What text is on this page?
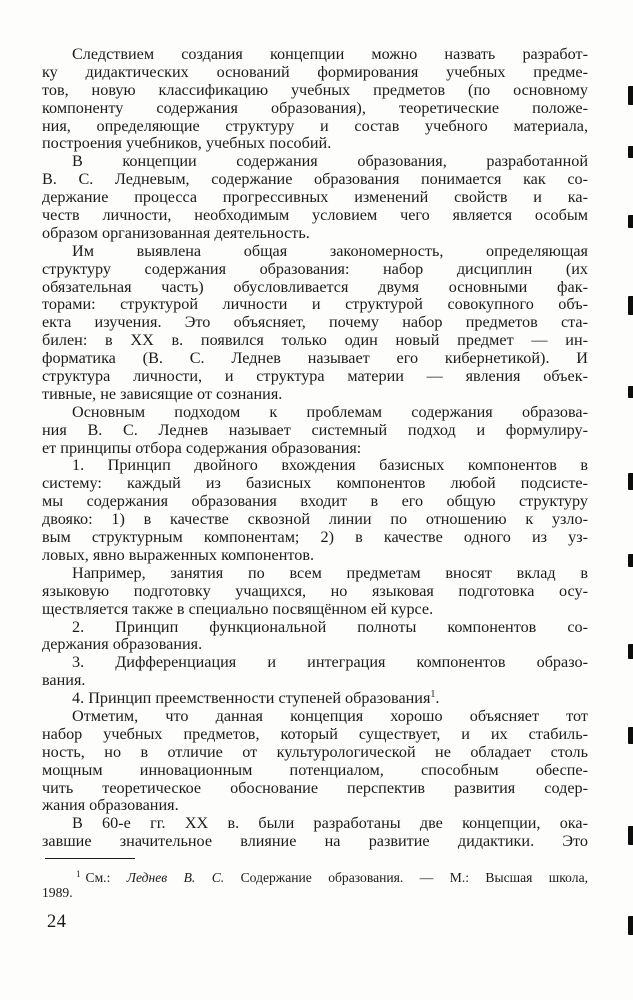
Следствием создания концепции можно назвать разработ-
ку дидактических оснований формирования учебных предме-
тов, новую классификацию учебных предметов (по основному
компоненту содержания образования), теоретические положе-
ния, определяющие структуру и состав учебного материала,
построения учебников, учебных пособий.
В концепции содержания образования, разработанной
В. С. Ледневым, содержание образования понимается как со-
держание процесса прогрессивных изменений свойств и ка-
честв личности, необходимым условием чего является особым
образом организованная деятельность.
Им выявлена общая закономерность, определяющая
структуру содержания образования: набор дисциплин (их
обязательная часть) обусловливается двумя основными фак-
торами: структурой личности и структурой совокупного объ-
екта изучения. Это объясняет, почему набор предметов ста-
билен: в XX в. появился только один новый предмет — ин-
форматика (В. С. Леднев называет его кибернетикой). И
структура личности, и структура материи — явления объек-
тивные, не зависящие от сознания.
Основным подходом к проблемам содержания образова-
ния В. С. Леднев называет системный подход и формулиру-
ет принципы отбора содержания образования:
1. Принцип двойного вхождения базисных компонентов в
систему: каждый из базисных компонентов любой подсисте-
мы содержания образования входит в его общую структуру
двояко: 1) в качестве сквозной линии по отношению к узло-
вым структурным компонентам; 2) в качестве одного из уз-
ловых, явно выраженных компонентов.
Например, занятия по всем предметам вносят вклад в
языковую подготовку учащихся, но языковая подготовка осу-
ществляется также в специально посвящённом ей курсе.
2. Принцип функциональной полноты компонентов со-
держания образования.
3. Дифференциация и интеграция компонентов образо-
вания.
4. Принцип преемственности ступеней образования$^1$.
Отметим, что данная концепция хорошо объясняет тот
набор учебных предметов, который существует, и их стабиль-
ность, но в отличие от культурологической не обладает столь
мощным инновационным потенциалом, способным обеспе-
чить теоретическое обоснование перспектив развития содер-
жания образования.
В 60-е гг. XX в. были разработаны две концепции, ока-
завшие значительное влияние на развитие дидактики. Это
$^1$ См.: Леднев В. С. Содержание образования. — М.: Высшая школа,
1989.
24
